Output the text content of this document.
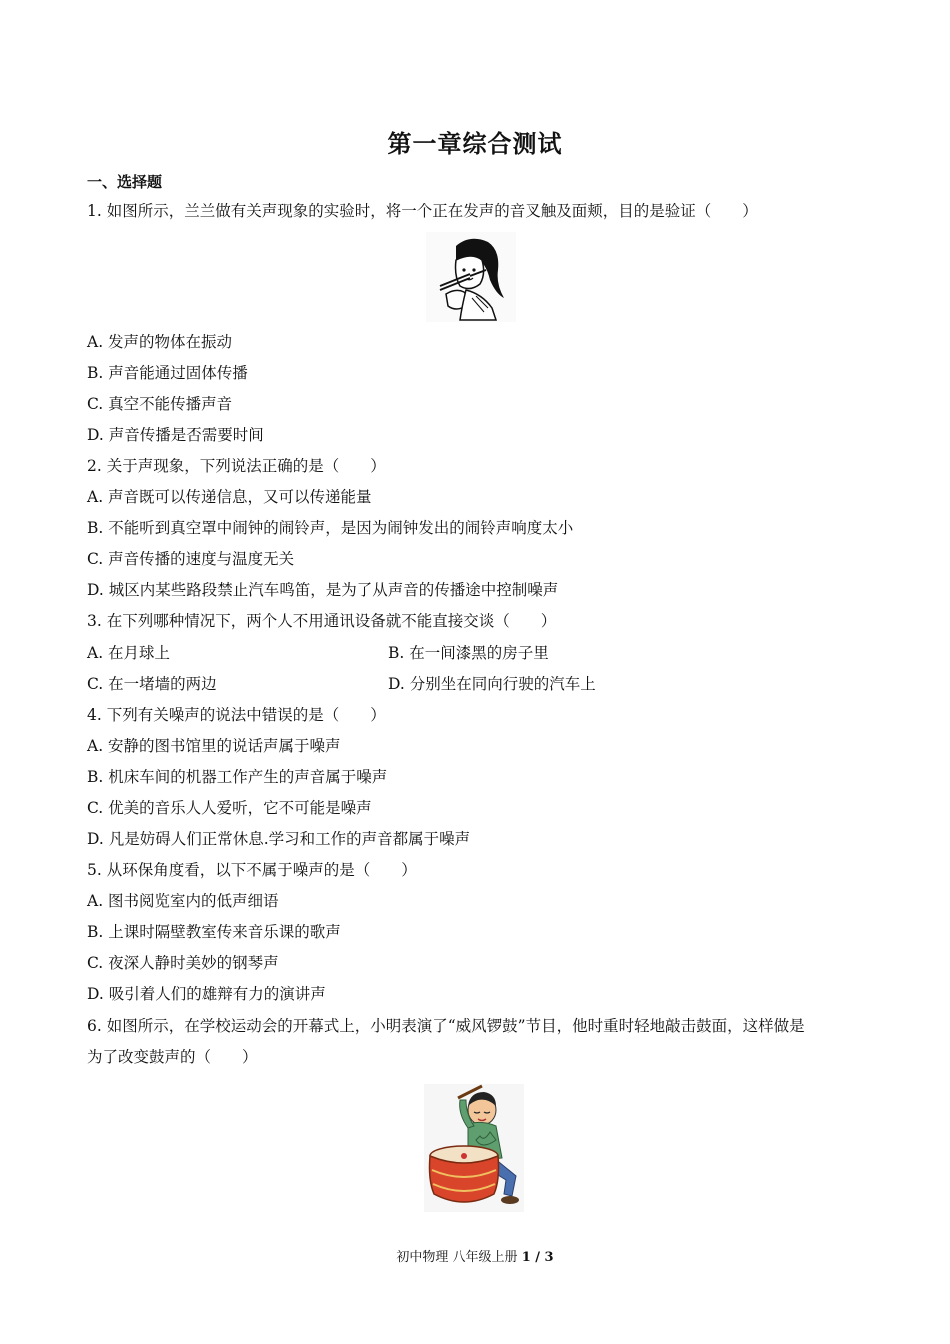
第一章综合测试
一、选择题
1. 如图所示，兰兰做有关声现象的实验时，将一个正在发声的音叉触及面颊，目的是验证（　　）
A. 发声的物体在振动
B. 声音能通过固体传播
C. 真空不能传播声音
D. 声音传播是否需要时间
2. 关于声现象，下列说法正确的是（　　）
A. 声音既可以传递信息，又可以传递能量
B. 不能听到真空罩中闹钟的闹铃声，是因为闹钟发出的闹铃声响度太小
C. 声音传播的速度与温度无关
D. 城区内某些路段禁止汽车鸣笛，是为了从声音的传播途中控制噪声
3. 在下列哪种情况下，两个人不用通讯设备就不能直接交谈（　　）
A. 在月球上	B. 在一间漆黑的房子里
C. 在一堵墙的两边	D. 分别坐在同向行驶的汽车上
4. 下列有关噪声的说法中错误的是（　　）
A. 安静的图书馆里的说话声属于噪声
B. 机床车间的机器工作产生的声音属于噪声
C. 优美的音乐人人爱听，它不可能是噪声
D. 凡是妨碍人们正常休息.学习和工作的声音都属于噪声
5. 从环保角度看，以下不属于噪声的是（　　）
A. 图书阅览室内的低声细语
B. 上课时隔壁教室传来音乐课的歌声
C. 夜深人静时美妙的钢琴声
D. 吸引着人们的雄辩有力的演讲声
6. 如图所示，在学校运动会的开幕式上，小明表演了“威风锣鼓”节目，他时重时轻地敲击鼓面，这样做是
为了改变鼓声的（　　）
初中物理 八年级上册 1 / 3
